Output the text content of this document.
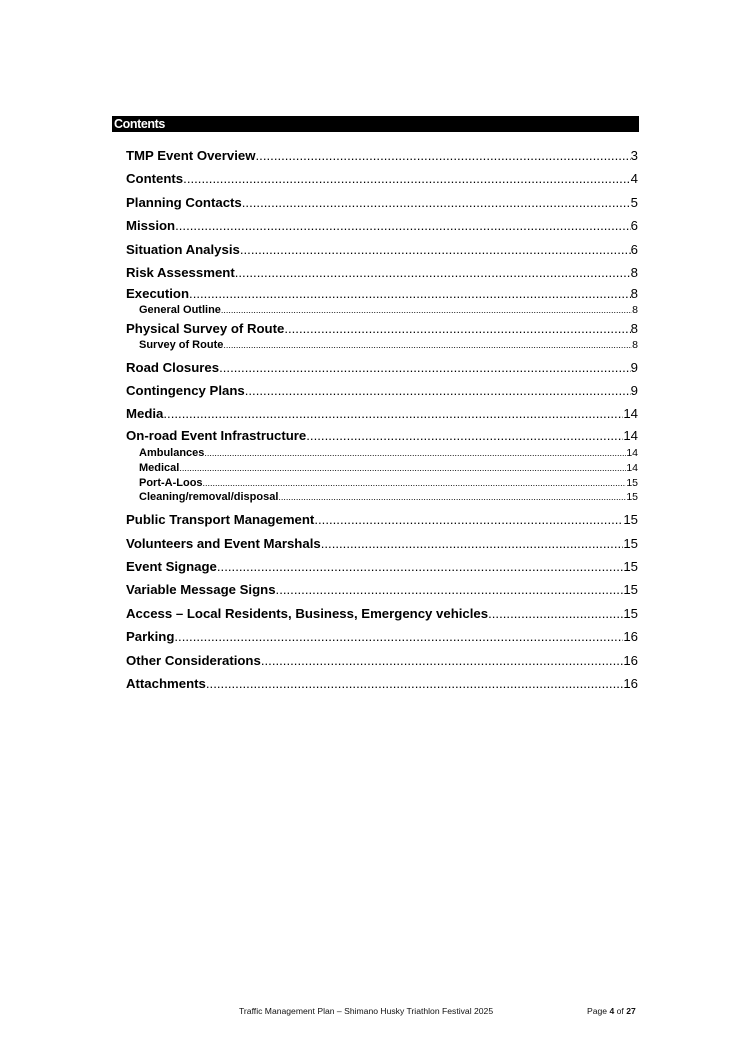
Contents
TMP Event Overview .....	3
Contents .....	4
Planning Contacts .....	5
Mission .....	6
Situation Analysis .....	6
Risk Assessment .....	8
Execution .....	8
General Outline .....	8
Physical Survey of Route .....	8
Survey of Route .....	8
Road Closures .....	9
Contingency Plans .....	9
Media .....	14
On-road Event Infrastructure .....	14
Ambulances .....	14
Medical .....	14
Port-A-Loos .....	15
Cleaning/removal/disposal .....	15
Public Transport Management .....	15
Volunteers and Event Marshals .....	15
Event Signage .....	15
Variable Message Signs .....	15
Access – Local Residents, Business, Emergency vehicles .....	15
Parking .....	16
Other Considerations .....	16
Attachments .....	16
Traffic Management Plan – Shimano Husky Triathlon Festival 2025	Page 4 of 27
